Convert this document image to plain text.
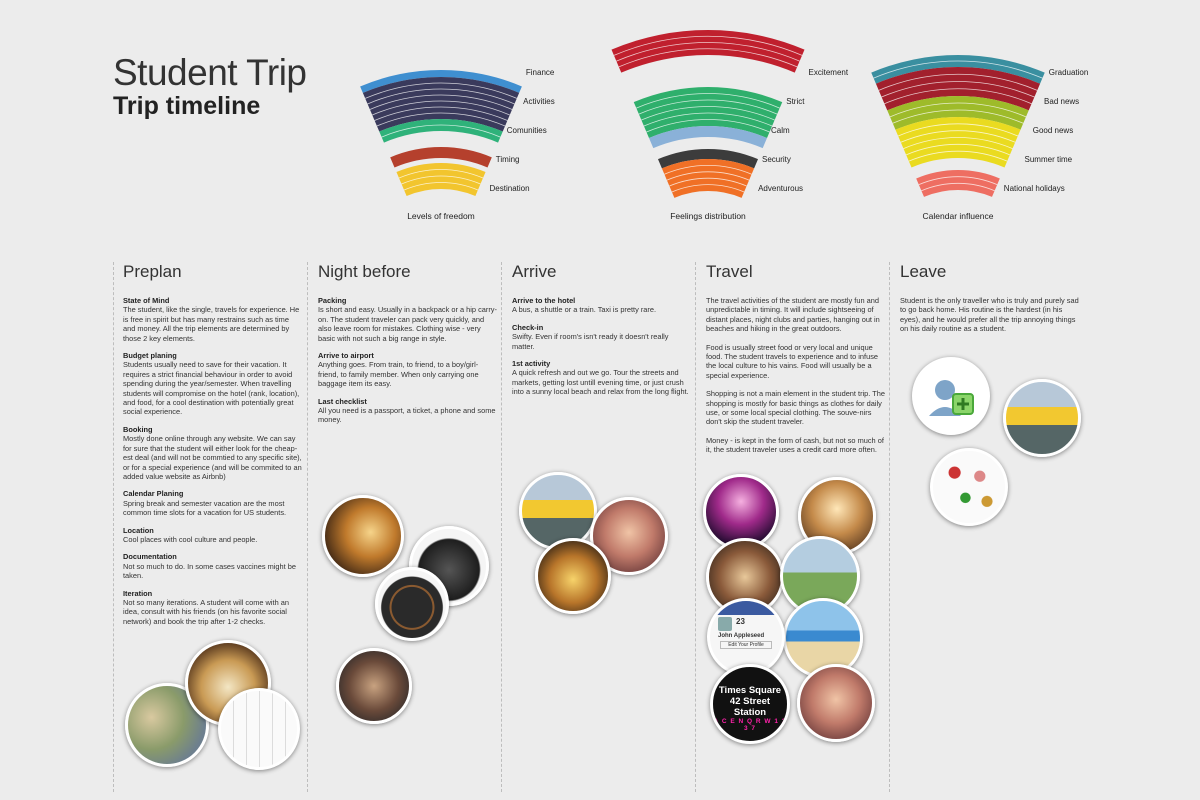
Student Trip
Trip timeline
Finance
Activities
Comunities
Timing
Destination
Levels of freedom
Excitement
Strict
Calm
Security
Adventurous
Feelings distribution
Graduation
Bad news
Good news
Summer time
National holidays
Calendar influence
Preplan
State of Mind
The student, like the single, travels for experience. He is free in spirit but has many restrains such as time and money. All the trip elements are determined by those 2 key elements.
Budget planing
Students usually need to save for their vacation. It requires a strict financial behaviour in order to avoid spending during the year/semester. When travelling students will compromise on the hotel (rank, location), and food, for a cool destination with potentially great social experience.
Booking
Mostly done online through any website. We can say for sure that the student will either look for the cheap-est deal (and will not be commtied to any specific site), or for a special experience (and will be commited to an added value website as Airbnb)
Calendar Planing
Spring break and semester vacation are the most common time slots for a vacation for US students.
Location
Cool places with cool culture and people.
Documentation
Not so much to do. In some cases vaccines might be taken.
Iteration
Not so many iterations. A student will come with an idea, consult with his friends (on his favorite social network) and book the trip after 1-2 checks.
Night before
Packing
Is short and easy. Usually in a backpack or a hip carry-on. The student traveler can pack very quickly, and also leave room for mistakes. Clothing wise - very basic with not such a big range in style.
Arrive to airport
Anything goes. From train, to friend, to a boy/girl-friend, to family member. When only carrying one baggage item its easy.
Last checklist
All you need is a passport, a ticket, a phone and some money.
Arrive
Arrive to the hotel
A bus, a shuttle or a train. Taxi is pretty rare.
Check-in
Swifty. Even if room's isn't ready it doesn't really matter.
1st activity
A quick refresh and out we go. Tour the streets and markets, getting lost untill evening time, or just crush into a sunny local beach and relax from the long flight.
Travel
The travel activities of the student are mostly fun and unpredictable in timing. It will include sightseeing of distant places, night clubs and parties, hanging out in beaches and hiking in the great outdoors.
Food is usually street food or very local and unique food. The student travels to experience and to infuse the local culture to his vains. Food will usually be a special experience.
Shopping is not a main element in the student trip. The shopping is mostly for basic things as clothes for daily use, or some local special clothing. The souve-nirs don't skip the student traveler.
Money - is kept in the form of cash, but not so much of it, the student traveler uses a credit card more often.
Leave
Student is the only traveller who is truly and purely sad to go back home. His routine is the hardest (in his eyes), and he would prefer all the trip annoying things on his daily routine as a student.
23
John Appleseed
Edit Your Profile
Times Square
42 Street Station
A C E N Q R W 1 2 3 7
